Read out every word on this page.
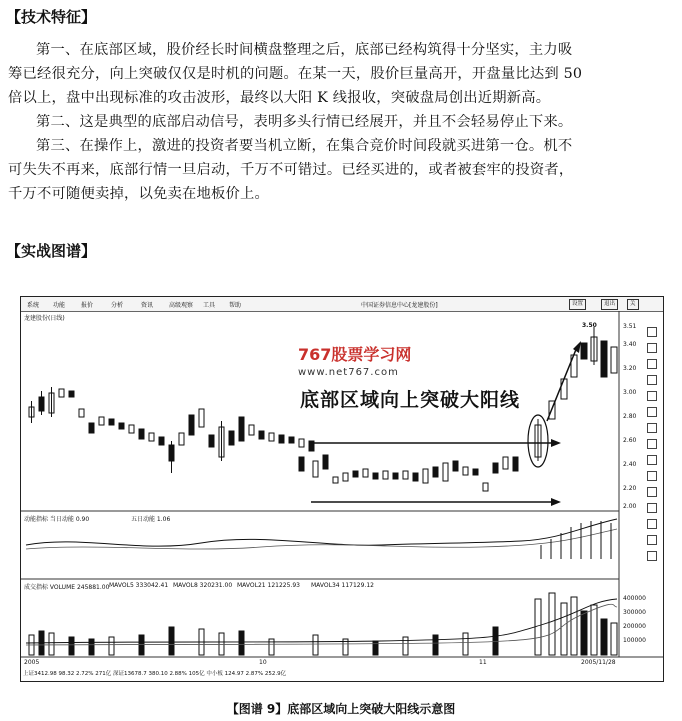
【技术特征】
第一、在底部区域，股价经长时间横盘整理之后，底部已经构筑得十分坚实，主力吸
筹已经很充分，向上突破仅仅是时机的问题。在某一天，股价巨量高开，开盘量比达到 50
倍以上，盘中出现标准的攻击波形，最终以大阳 K 线报收，突破盘局创出近期新高。
第二、这是典型的底部启动信号，表明多头行情已经展开，并且不会轻易停止下来。
第三、在操作上，激进的投资者要当机立断，在集合竞价时间段就买进第一仓。机不
可失失不再来，底部行情一旦启动，千万不可错过。已经买进的，或者被套牢的投资者，
千万不可随便卖掉，以免卖在地板价上。
【实战图谱】
系统 功能	报价	分析	资讯	高级观察 工具 帮助	中国证券信息中心[龙建股份]	设置	退出	关
龙建股份(日线)
3.50	3.51
3.40
3.20
3.00
2.80
2.60
2.40
2.20
2.00
动能指标 当日动能 0.90	五日动能 1.06
成交指标 VOLUME 245881.00 MAVOL5 333042.41 MAVOL8 320231.00 MAVOL21 121225.93 MAVOL34 117129.12
400000
300000
200000
100000
2005	10	11	2005/11/28
上证3412.98 98.32 2.72% 271亿 深证13678.7 380.10 2.88% 105亿 中小板 124.97 2.87% 252.9亿
767股票学习网
www.net767.com
底部区域向上突破大阳线
【图谱 9】底部区域向上突破大阳线示意图
